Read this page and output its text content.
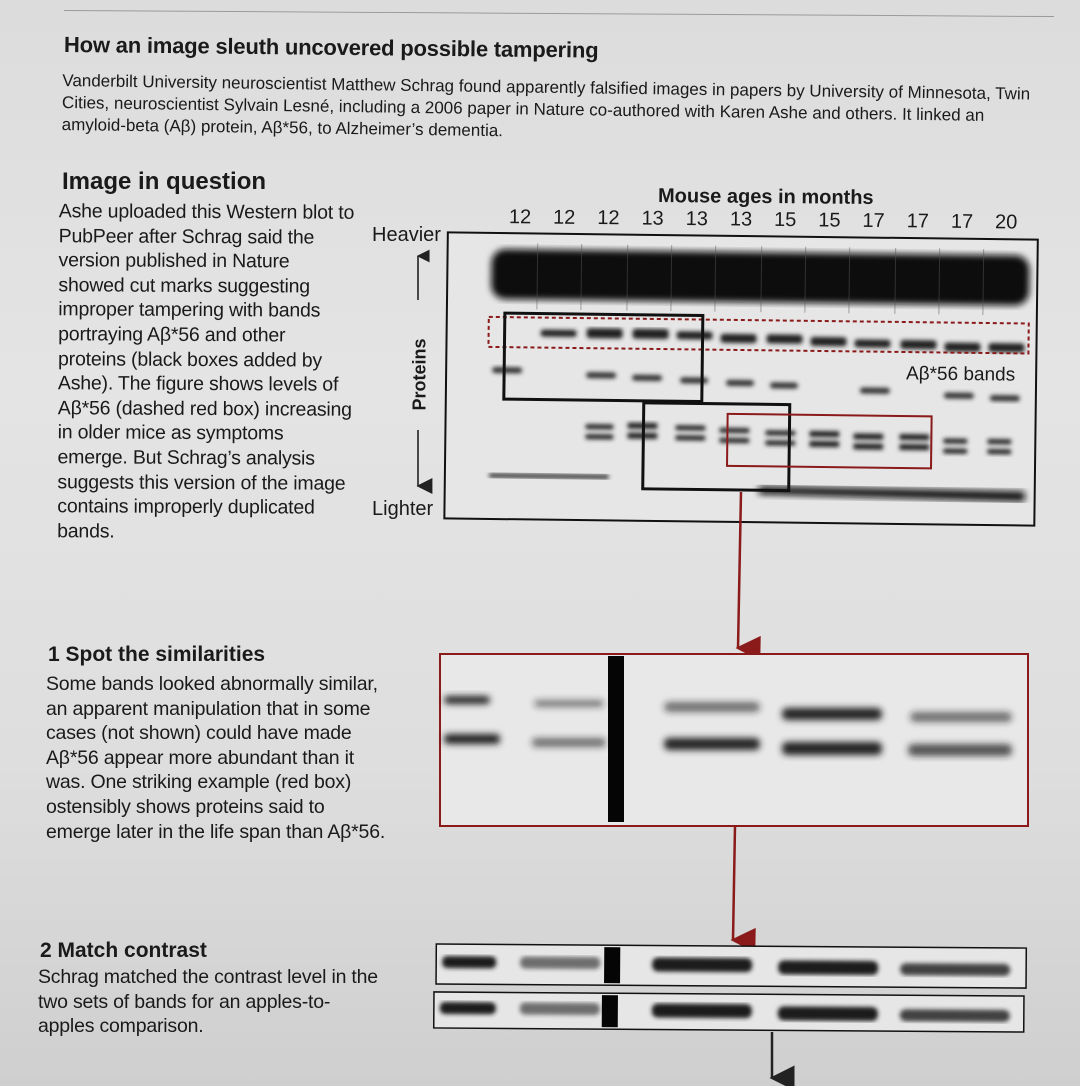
How an image sleuth uncovered possible tampering
Vanderbilt University neuroscientist Matthew Schrag found apparently falsified images in papers by University of Minnesota, Twin Cities, neuroscientist Sylvain Lesné, including a 2006 paper in Nature co-authored with Karen Ashe and others. It linked an amyloid-beta (Aβ) protein, Aβ*56, to Alzheimer’s dementia.
Image in question
Ashe uploaded this Western blot to PubPeer after Schrag said the version published in Nature showed cut marks suggesting improper tampering with bands portraying Aβ*56 and other proteins (black boxes added by Ashe). The figure shows levels of Aβ*56 (dashed red box) increasing in older mice as symptoms emerge. But Schrag’s analysis suggests this version of the image contains improperly duplicated bands.
Mouse ages in months
12	12	12	13	13	13	15	15	17	17	17	20
Heavier
Lighter
Proteins	Aβ*56 bands
1 Spot the similarities
Some bands looked abnormally similar, an apparent manipulation that in some cases (not shown) could have made Aβ*56 appear more abundant than it was. One striking example (red box) ostensibly shows proteins said to emerge later in the life span than Aβ*56.
2 Match contrast
Schrag matched the contrast level in the two sets of bands for an apples-to-apples comparison.
